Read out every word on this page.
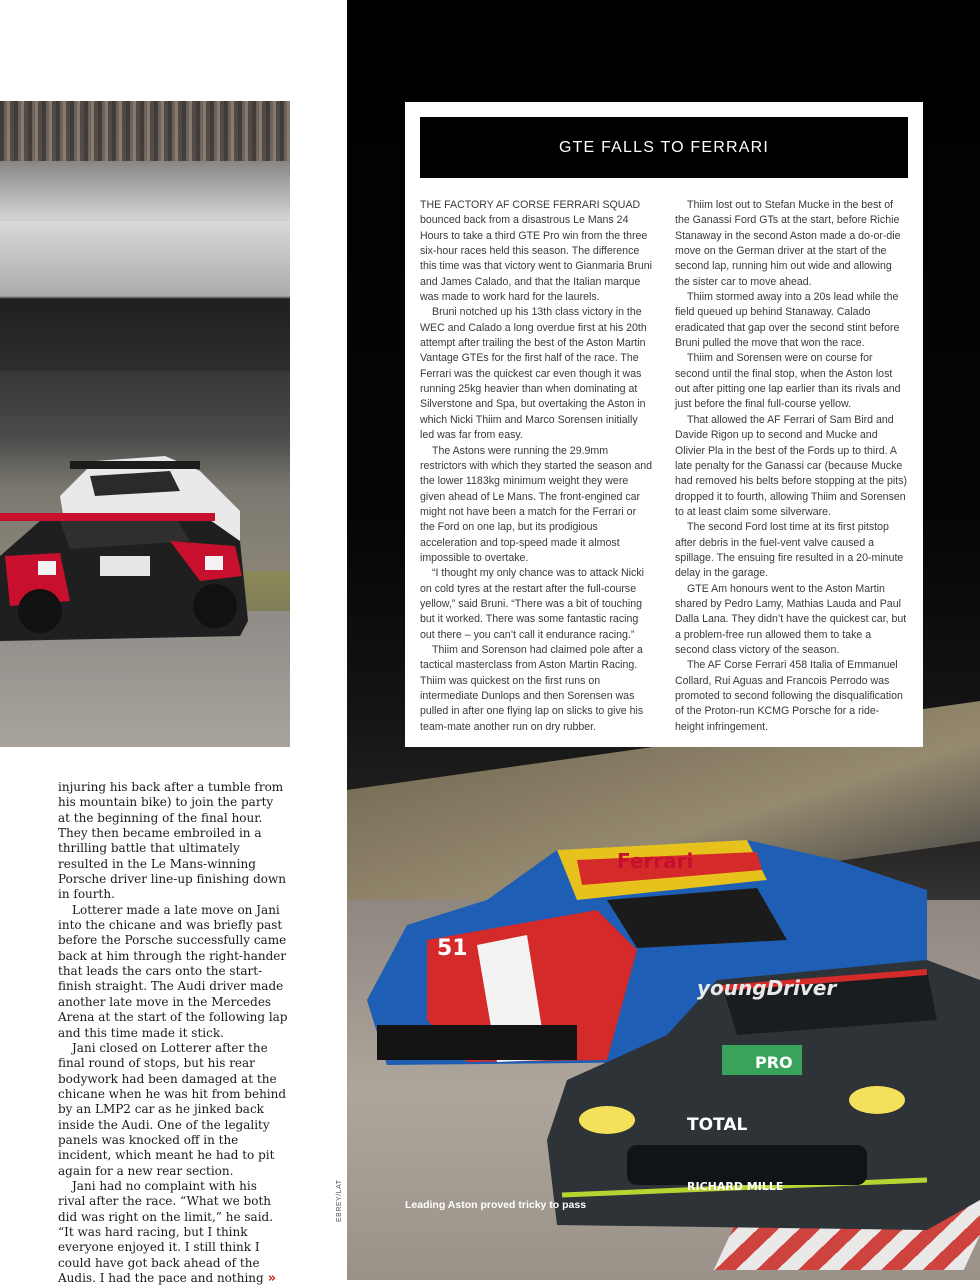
Ferrari
51
youngDriver
TOTAL
PRO
RICHARD MILLE
Leading Aston proved tricky to pass
EBREY/LAT
GTE FALLS TO FERRARI

THE FACTORY AF CORSE FERRARI SQUAD bounced back from a disastrous Le Mans 24 Hours to take a third GTE Pro win from the three six-hour races held this season. The difference this time was that victory went to Gianmaria Bruni and James Calado, and that the Italian marque was made to work hard for the laurels.

Bruni notched up his 13th class victory in the WEC and Calado a long overdue first at his 20th attempt after trailing the best of the Aston Martin Vantage GTEs for the first half of the race. The Ferrari was the quickest car even though it was running 25kg heavier than when dominating at Silverstone and Spa, but overtaking the Aston in which Nicki Thiim and Marco Sorensen initially led was far from easy.

The Astons were running the 29.9mm restrictors with which they started the season and the lower 1183kg minimum weight they were given ahead of Le Mans. The front-engined car might not have been a match for the Ferrari or the Ford on one lap, but its prodigious acceleration and top-speed made it almost impossible to overtake.

“I thought my only chance was to attack Nicki on cold tyres at the restart after the full-course yellow,” said Bruni. “There was a bit of touching but it worked. There was some fantastic racing out there – you can’t call it endurance racing.”

Thiim and Sorenson had claimed pole after a tactical masterclass from Aston Martin Racing. Thiim was quickest on the first runs on intermediate Dunlops and then Sorensen was pulled in after one flying lap on slicks to give his team-mate another run on dry rubber.

Thiim lost out to Stefan Mucke in the best of the Ganassi Ford GTs at the start, before Richie Stanaway in the second Aston made a do-or-die move on the German driver at the start of the second lap, running him out wide and allowing the sister car to move ahead.

Thiim stormed away into a 20s lead while the field queued up behind Stanaway. Calado eradicated that gap over the second stint before Bruni pulled the move that won the race.

Thiim and Sorensen were on course for second until the final stop, when the Aston lost out after pitting one lap earlier than its rivals and just before the final full-course yellow.

That allowed the AF Ferrari of Sam Bird and Davide Rigon up to second and Mucke and Olivier Pla in the best of the Fords up to third. A late penalty for the Ganassi car (because Mucke had removed his belts before stopping at the pits) dropped it to fourth, allowing Thiim and Sorensen to at least claim some silverware.

The second Ford lost time at its first pitstop after debris in the fuel-vent valve caused a spillage. The ensuing fire resulted in a 20-minute delay in the garage.

GTE Am honours went to the Aston Martin shared by Pedro Lamy, Mathias Lauda and Paul Dalla Lana. They didn’t have the quickest car, but a problem-free run allowed them to take a second class victory of the season.

The AF Corse Ferrari 458 Italia of Emmanuel Collard, Rui Aguas and Francois Perrodo was promoted to second following the disqualification of the Proton-run KCMG Porsche for a ride-height infringement.

injuring his back after a tumble from his mountain bike) to join the party at the beginning of the final hour. They then became embroiled in a thrilling battle that ultimately resulted in the Le Mans-winning Porsche driver line-up finishing down in fourth.

Lotterer made a late move on Jani into the chicane and was briefly past before the Porsche successfully came back at him through the right-hander that leads the cars onto the start-finish straight. The Audi driver made another late move in the Mercedes Arena at the start of the following lap and this time made it stick.

Jani closed on Lotterer after the final round of stops, but his rear bodywork had been damaged at the chicane when he was hit from behind by an LMP2 car as he jinked back inside the Audi. One of the legality panels was knocked off in the incident, which meant he had to pit again for a new rear section.

Jani had no complaint with his rival after the race. “What we both did was right on the limit,” he said. “It was hard racing, but I think everyone enjoyed it. I still think I could have got back ahead of the Audis. I had the pace and nothing »
